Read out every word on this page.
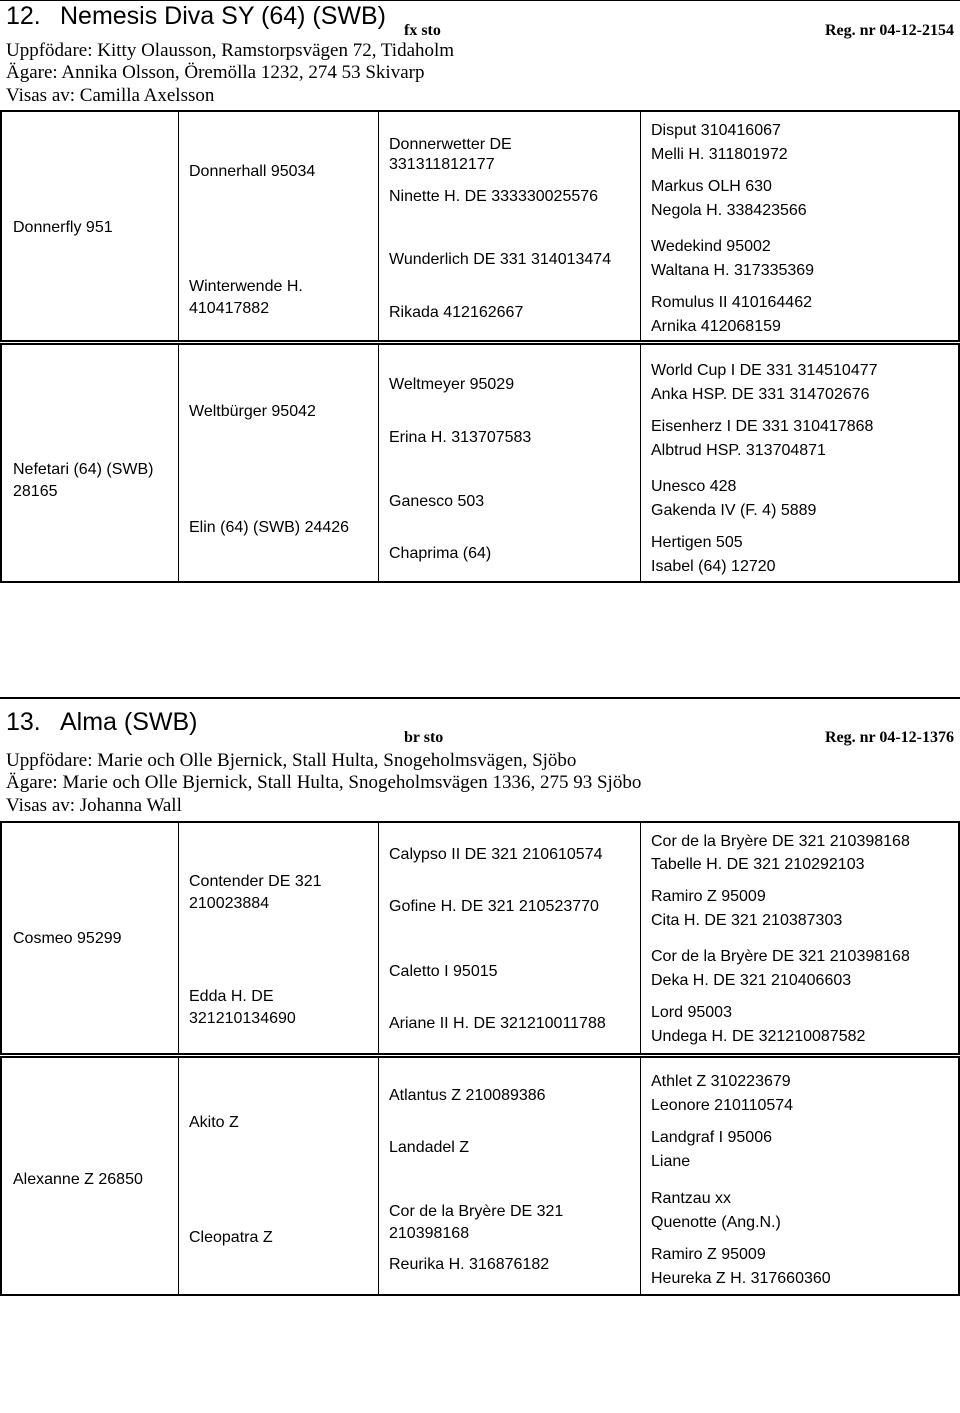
12. Nemesis Diva SY (64) (SWB)
fx sto	Reg. nr 04-12-2154
Uppfödare: Kitty Olausson, Ramstorpsvägen 72, Tidaholm
Ägare: Annika Olsson, Öremölla 1232, 274 53 Skivarp
Visas av: Camilla Axelsson
Donnerfly 951
Donnerhall 95034
Winterwende H.
410417882
Donnerwetter DE
331311812177
Ninette H. DE 333330025576
Wunderlich DE 331 314013474
Rikada 412162667
Disput 310416067
Melli H. 311801972
Markus OLH 630
Negola H. 338423566
Wedekind 95002
Waltana H. 317335369
Romulus II 410164462
Arnika 412068159
Nefetari (64) (SWB)
28165
Weltbürger 95042
Elin (64) (SWB) 24426
Weltmeyer 95029
Erina H. 313707583
Ganesco 503
Chaprima (64)
World Cup I DE 331 314510477
Anka HSP. DE 331 314702676
Eisenherz I DE 331 310417868
Albtrud HSP. 313704871
Unesco 428
Gakenda IV (F. 4) 5889
Hertigen 505
Isabel (64) 12720
13. Alma (SWB)
br sto	Reg. nr 04-12-1376
Uppfödare: Marie och Olle Bjernick, Stall Hulta, Snogeholmsvägen, Sjöbo
Ägare: Marie och Olle Bjernick, Stall Hulta, Snogeholmsvägen 1336, 275 93 Sjöbo
Visas av: Johanna Wall
Cosmeo 95299
Contender DE 321
210023884
Edda H. DE
321210134690
Calypso II DE 321 210610574
Gofine H. DE 321 210523770
Caletto I 95015
Ariane II H. DE 321210011788
Cor de la Bryère DE 321 210398168
Tabelle H. DE 321 210292103
Ramiro Z 95009
Cita H. DE 321 210387303
Cor de la Bryère DE 321 210398168
Deka H. DE 321 210406603
Lord 95003
Undega H. DE 321210087582
Alexanne Z 26850
Akito Z
Cleopatra Z
Atlantus Z 210089386
Landadel Z
Cor de la Bryère DE 321
210398168
Reurika H. 316876182
Athlet Z 310223679
Leonore 210110574
Landgraf I 95006
Liane
Rantzau xx
Quenotte (Ang.N.)
Ramiro Z 95009
Heureka Z H. 317660360
